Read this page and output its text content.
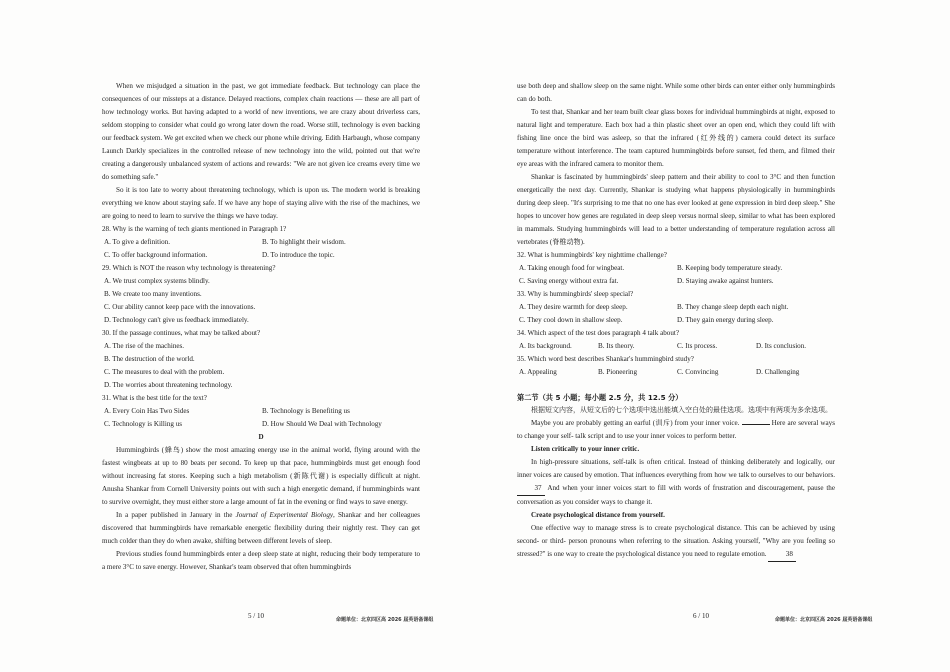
When we misjudged a situation in the past, we got immediate feedback. But technology can place the consequences of our missteps at a distance. Delayed reactions, complex chain reactions — these are all part of how technology works. But having adapted to a world of new inventions, we are crazy about driverless cars, seldom stopping to consider what could go wrong later down the road. Worse still, technology is even backing our feedback system. We get excited when we check our phone while driving. Edith Harbaugh, whose company Launch Darkly specializes in the controlled release of new technology into the wild, pointed out that we're creating a dangerously unbalanced system of actions and rewards: "We are not given ice creams every time we do something safe."

So it is too late to worry about threatening technology, which is upon us. The modern world is breaking everything we know about staying safe. If we have any hope of staying alive with the rise of the machines, we are going to need to learn to survive the things we have today.

28. Why is the warning of tech giants mentioned in Paragraph 1?
A. To give a definition.	B. To highlight their wisdom.
C. To offer background information.	D. To introduce the topic.
29. Which is NOT the reason why technology is threatening?
A. We trust complex systems blindly.
B. We create too many inventions.
C. Our ability cannot keep pace with the innovations.
D. Technology can't give us feedback immediately.
30. If the passage continues, what may be talked about?
A. The rise of the machines.
B. The destruction of the world.
C. The measures to deal with the problem.
D. The worries about threatening technology.
31. What is the best title for the text?
A. Every Coin Has Two Sides	B. Technology is Benefiting us
C. Technology is Killing us	D. How Should We Deal with Technology
D

Hummingbirds (蜂鸟) show the most amazing energy use in the animal world, flying around with the fastest wingbeats at up to 80 beats per second. To keep up that pace, hummingbirds must get enough food without increasing fat stores. Keeping such a high metabolism (新陈代谢) is especially difficult at night. Anusha Shankar from Cornell University points out with such a high energetic demand, if hummingbirds want to survive overnight, they must either store a large amount of fat in the evening or find ways to save energy.

In a paper published in January in the Journal of Experimental Biology, Shankar and her colleagues discovered that hummingbirds have remarkable energetic flexibility during their nightly rest. They can get much colder than they do when awake, shifting between different levels of sleep.

Previous studies found hummingbirds enter a deep sleep state at night, reducing their body temperature to a mere 3°C to save energy. However, Shankar's team observed that often hummingbirds

5 / 10	命题单位：北京四区高 2026 届英语备课组

use both deep and shallow sleep on the same night. While some other birds can enter either only hummingbirds can do both.

To test that, Shankar and her team built clear glass boxes for individual hummingbirds at night, exposed to natural light and temperature. Each box had a thin plastic sheet over an open end, which they could lift with fishing line once the bird was asleep, so that the infrared (红外线的) camera could detect its surface temperature without interference. The team captured hummingbirds before sunset, fed them, and filmed their eye areas with the infrared camera to monitor them.

Shankar is fascinated by hummingbirds' sleep pattern and their ability to cool to 3°C and then function energetically the next day. Currently, Shankar is studying what happens physiologically in hummingbirds during deep sleep. "It's surprising to me that no one has ever looked at gene expression in bird deep sleep." She hopes to uncover how genes are regulated in deep sleep versus normal sleep, similar to what has been explored in mammals. Studying hummingbirds will lead to a better understanding of temperature regulation across all vertebrates (脊椎动物).

32. What is hummingbirds' key nighttime challenge?
A. Taking enough food for wingbeat.	B. Keeping body temperature steady.
C. Saving energy without extra fat.	D. Staying awake against hunters.
33. Why is hummingbirds' sleep special?
A. They desire warmth for deep sleep.	B. They change sleep depth each night.
C. They cool down in shallow sleep.	D. They gain energy during sleep.
34. Which aspect of the test does paragraph 4 talk about?
A. Its background.	B. Its theory.	C. Its process.	D. Its conclusion.
35. Which word best describes Shankar's hummingbird study?
A. Appealing	B. Pioneering	C. Convincing	D. Challenging
第二节（共 5 小题；每小题 2.5 分，共 12.5 分）

根据短文内容，从短文后的七个选项中选出能填入空白处的最佳选项。选项中有两项为多余选项。

Maybe you are probably getting an earful (训斥) from your inner voice.	Here are several ways to change your self- talk script and to use your inner voices to perform better.

Listen critically to your inner critic.

In high-pressure situations, self-talk is often critical. Instead of thinking deliberately and logically, our inner voices are caused by emotion. That influences everything from how we talk to ourselves to our behaviors. 37 And when your inner voices start to fill with words of frustration and discouragement, pause the conversation as you consider ways to change it.

Create psychological distance from yourself.

One effective way to manage stress is to create psychological distance. This can be achieved by using second- or third- person pronouns when referring to the situation. Asking yourself, "Why are you feeling so stressed?" is one way to create the psychological distance you need to regulate emotion.	38

6 / 10	命题单位：北京四区高 2026 届英语备课组
